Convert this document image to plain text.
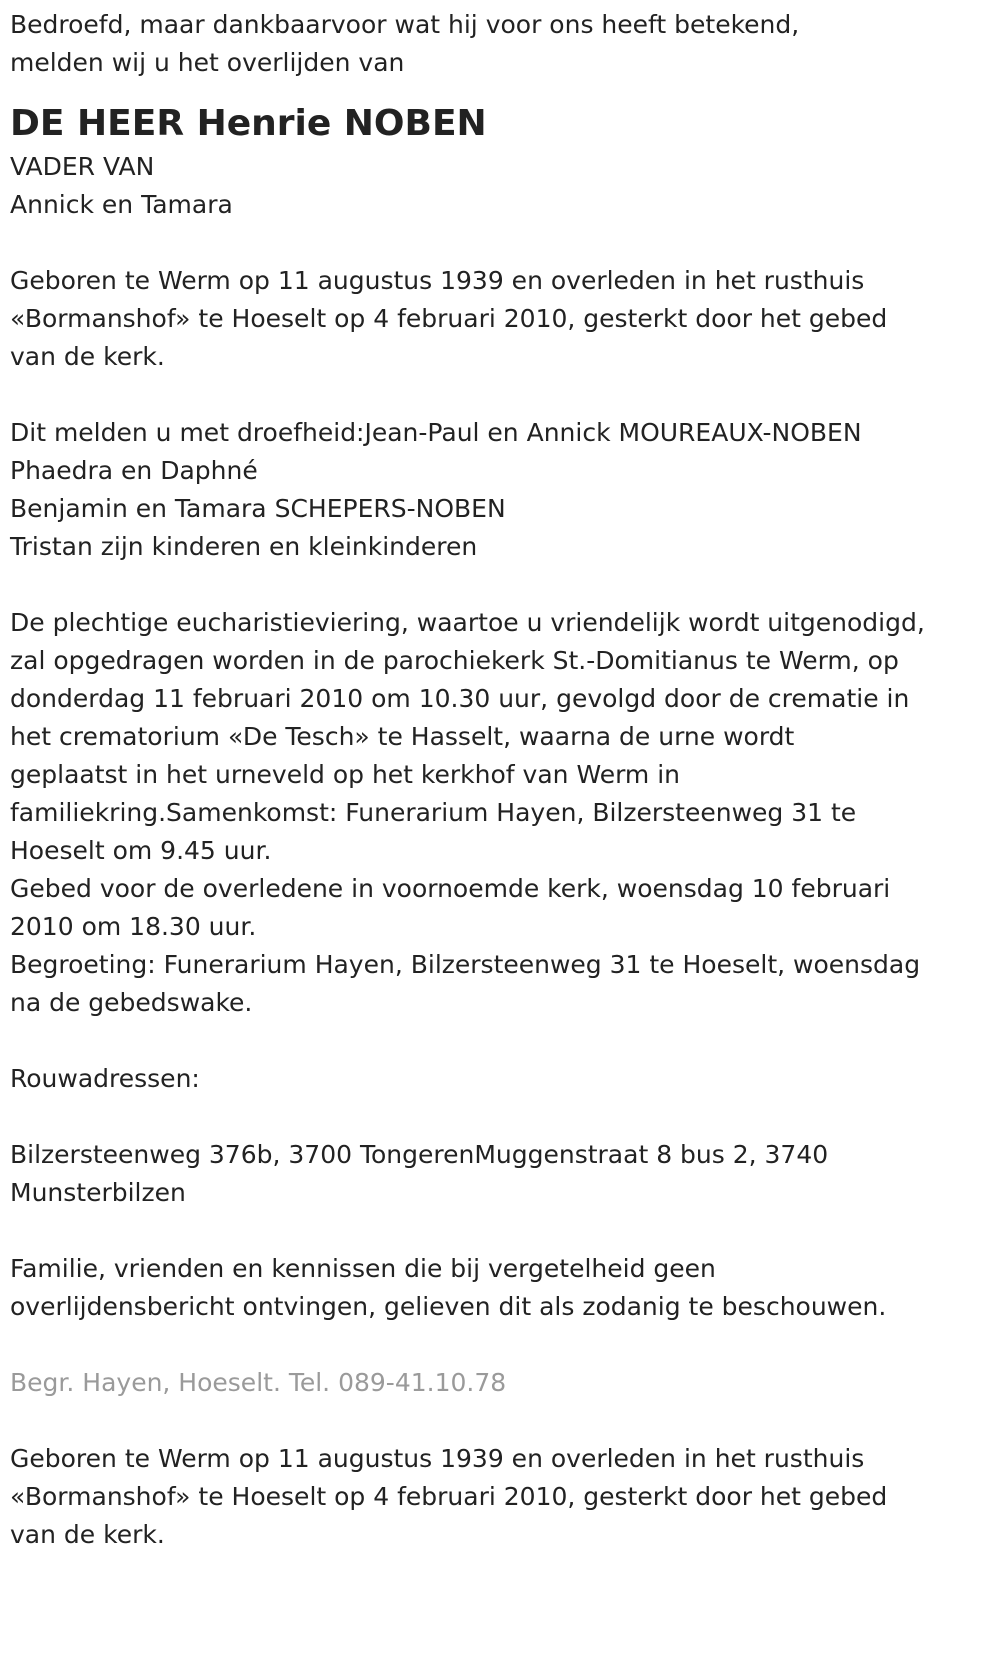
Bedroefd, maar dankbaarvoor wat hij voor ons heeft betekend,

melden wij u het overlijden van

DE HEER Henrie NOBEN

VADER VAN

Annick en Tamara

Geboren te Werm op 11 augustus 1939 en overleden in het rusthuis

«Bormanshof» te Hoeselt op 4 februari 2010, gesterkt door het gebed

van de kerk.

Dit melden u met droefheid:Jean-Paul en Annick MOUREAUX-NOBEN

Phaedra en Daphné

Benjamin en Tamara SCHEPERS-NOBEN

Tristan zijn kinderen en kleinkinderen

De plechtige eucharistieviering, waartoe u vriendelijk wordt uitgenodigd,

zal opgedragen worden in de parochiekerk St.-Domitianus te Werm, op

donderdag 11 februari 2010 om 10.30 uur, gevolgd door de crematie in

het crematorium «De Tesch» te Hasselt, waarna de urne wordt

geplaatst in het urneveld op het kerkhof van Werm in

familiekring.Samenkomst: Funerarium Hayen, Bilzersteenweg 31 te

Hoeselt om 9.45 uur.

Gebed voor de overledene in voornoemde kerk, woensdag 10 februari

2010 om 18.30 uur.

Begroeting: Funerarium Hayen, Bilzersteenweg 31 te Hoeselt, woensdag

na de gebedswake.

Rouwadressen:

Bilzersteenweg 376b, 3700 TongerenMuggenstraat 8 bus 2, 3740

Munsterbilzen

Familie, vrienden en kennissen die bij vergetelheid geen

overlijdensbericht ontvingen, gelieven dit als zodanig te beschouwen.

Begr. Hayen, Hoeselt. Tel. 089-41.10.78

Geboren te Werm op 11 augustus 1939 en overleden in het rusthuis

«Bormanshof» te Hoeselt op 4 februari 2010, gesterkt door het gebed

van de kerk.
